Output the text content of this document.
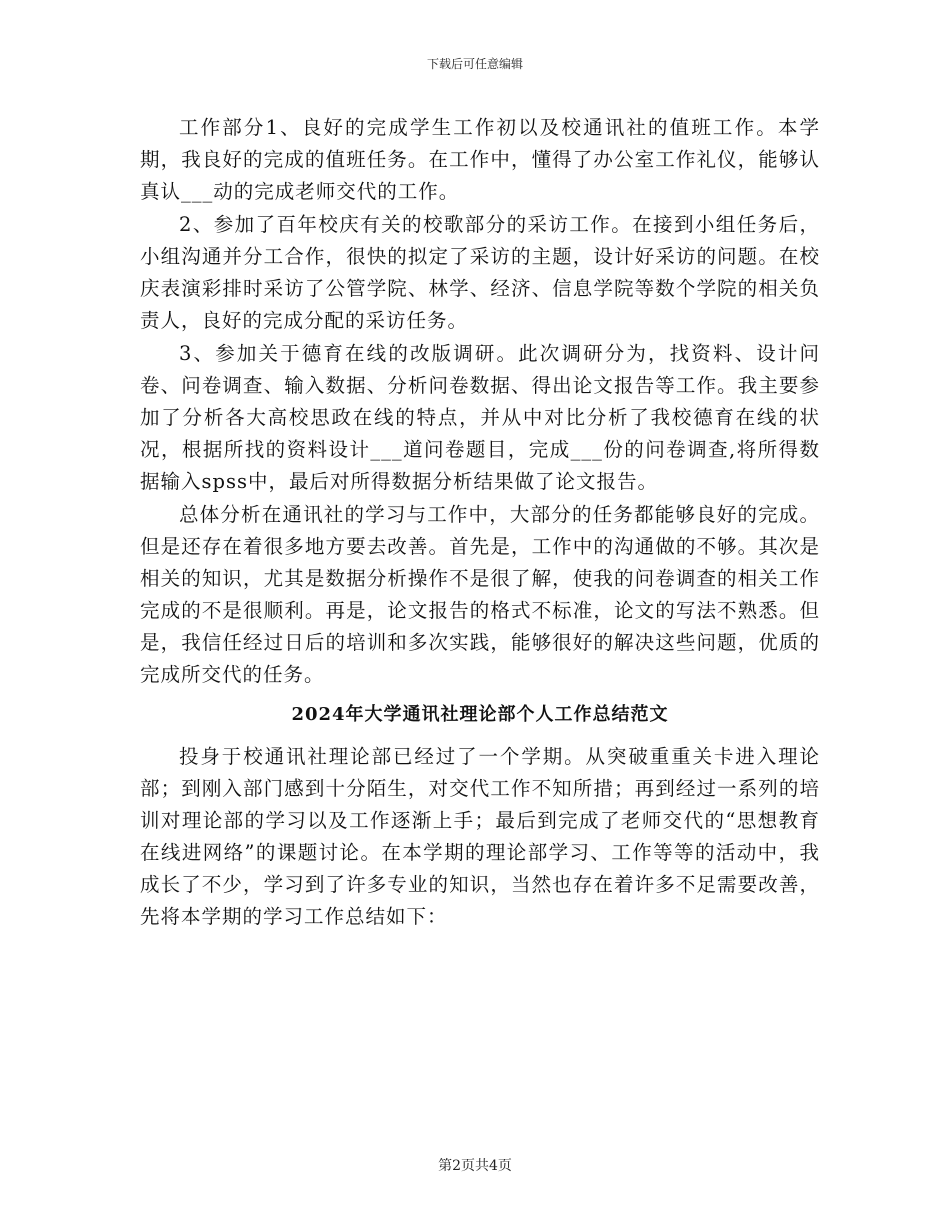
下载后可任意编辑

工作部分1、良好的完成学生工作初以及校通讯社的值班工作。本学期，我良好的完成的值班任务。在工作中，懂得了办公室工作礼仪，能够认真认___动的完成老师交代的工作。

2、参加了百年校庆有关的校歌部分的采访工作。在接到小组任务后，小组沟通并分工合作，很快的拟定了采访的主题，设计好采访的问题。在校庆表演彩排时采访了公管学院、林学、经济、信息学院等数个学院的相关负责人，良好的完成分配的采访任务。

3、参加关于德育在线的改版调研。此次调研分为，找资料、设计问卷、问卷调查、输入数据、分析问卷数据、得出论文报告等工作。我主要参加了分析各大高校思政在线的特点，并从中对比分析了我校德育在线的状况，根据所找的资料设计___道问卷题目，完成___份的问卷调查,将所得数据输入spss中，最后对所得数据分析结果做了论文报告。

总体分析在通讯社的学习与工作中，大部分的任务都能够良好的完成。但是还存在着很多地方要去改善。首先是，工作中的沟通做的不够。其次是相关的知识，尤其是数据分析操作不是很了解，使我的问卷调查的相关工作完成的不是很顺利。再是，论文报告的格式不标准，论文的写法不熟悉。但是，我信任经过日后的培训和多次实践，能够很好的解决这些问题，优质的完成所交代的任务。

2024年大学通讯社理论部个人工作总结范文

投身于校通讯社理论部已经过了一个学期。从突破重重关卡进入理论部；到刚入部门感到十分陌生，对交代工作不知所措；再到经过一系列的培训对理论部的学习以及工作逐渐上手；最后到完成了老师交代的“思想教育在线进网络”的课题讨论。在本学期的理论部学习、工作等等的活动中，我成长了不少，学习到了许多专业的知识，当然也存在着许多不足需要改善，先将本学期的学习工作总结如下：

第2页共4页
